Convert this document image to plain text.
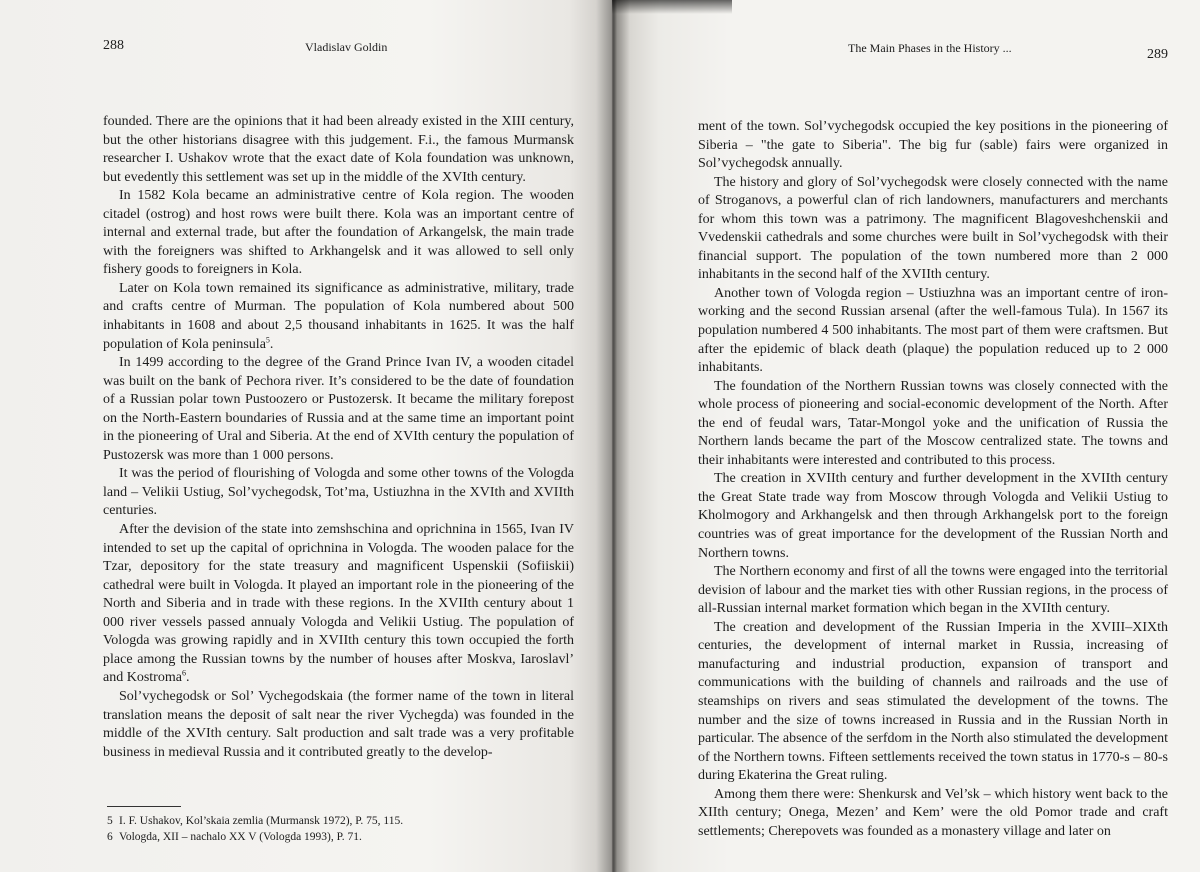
288	Vladislav Goldin

founded. There are the opinions that it had been already existed in the XIII century, but the other historians disagree with this judgement. F.i., the famous Murmansk researcher I. Ushakov wrote that the exact date of Kola foundation was unknown, but evedently this settlement was set up in the middle of the XVIth century.

In 1582 Kola became an administrative centre of Kola region. The wooden citadel (ostrog) and host rows were built there. Kola was an important centre of internal and external trade, but after the foundation of Arkangelsk, the main trade with the foreigners was shifted to Arkhangelsk and it was allowed to sell only fishery goods to foreigners in Kola.

Later on Kola town remained its significance as administrative, military, trade and crafts centre of Murman. The population of Kola numbered about 500 inhabitants in 1608 and about 2,5 thousand inhabitants in 1625. It was the half population of Kola peninsula$^5$.

In 1499 according to the degree of the Grand Prince Ivan IV, a wooden citadel was built on the bank of Pechora river. It’s considered to be the date of foundation of a Russian polar town Pustoozero or Pustozersk. It became the military forepost on the North-Eastern boundaries of Russia and at the same time an important point in the pioneering of Ural and Siberia. At the end of XVIth century the population of Pustozersk was more than 1 000 persons.

It was the period of flourishing of Vologda and some other towns of the Vologda land – Velikii Ustiug, Sol’vychegodsk, Tot’ma, Ustiuzhna in the XVIth and XVIIth centuries.

After the devision of the state into zemshschina and oprichnina in 1565, Ivan IV intended to set up the capital of oprichnina in Vologda. The wooden palace for the Tzar, depository for the state treasury and magnificent Uspenskii (Sofiiskii) cathedral were built in Vologda. It played an important role in the pioneering of the North and Siberia and in trade with these regions. In the XVIIth century about 1 000 river vessels passed annualy Vologda and Velikii Ustiug. The population of Vologda was growing rapidly and in XVIIth century this town occupied the forth place among the Russian towns by the number of houses after Moskva, Iaroslavl’ and Kostroma$^6$.

Sol’vychegodsk or Sol’ Vychegodskaia (the former name of the town in literal translation means the deposit of salt near the river Vychegda) was founded in the middle of the XVIth century. Salt production and salt trade was a very profitable business in medieval Russia and it contributed greatly to the develop-

5 I. F. Ushakov, Kol’skaia zemlia (Murmansk 1972), P. 75, 115.
6 Vologda, XII – nachalo XX V (Vologda 1993), P. 71.
The Main Phases in the History ...	289

ment of the town. Sol’vychegodsk occupied the key positions in the pioneering of Siberia – "the gate to Siberia". The big fur (sable) fairs were organized in Sol’vychegodsk annually.

The history and glory of Sol’vychegodsk were closely connected with the name of Stroganovs, a powerful clan of rich landowners, manufacturers and merchants for whom this town was a patrimony. The magnificent Blagoveshchenskii and Vvedenskii cathedrals and some churches were built in Sol’vychegodsk with their financial support. The population of the town numbered more than 2 000 inhabitants in the second half of the XVIIth century.

Another town of Vologda region – Ustiuzhna was an important centre of iron-working and the second Russian arsenal (after the well-famous Tula). In 1567 its population numbered 4 500 inhabitants. The most part of them were craftsmen. But after the epidemic of black death (plaque) the population reduced up to 2 000 inhabitants.

The foundation of the Northern Russian towns was closely connected with the whole process of pioneering and social-economic development of the North. After the end of feudal wars, Tatar-Mongol yoke and the unification of Russia the Northern lands became the part of the Moscow centralized state. The towns and their inhabitants were interested and contributed to this process.

The creation in XVIIth century and further development in the XVIIth century the Great State trade way from Moscow through Vologda and Velikii Ustiug to Kholmogory and Arkhangelsk and then through Arkhangelsk port to the foreign countries was of great importance for the development of the Russian North and Northern towns.

The Northern economy and first of all the towns were engaged into the territorial devision of labour and the market ties with other Russian regions, in the process of all-Russian internal market formation which began in the XVIIth century.

The creation and development of the Russian Imperia in the XVIII–XIXth centuries, the development of internal market in Russia, increasing of manufacturing and industrial production, expansion of transport and communications with the building of channels and railroads and the use of steamships on rivers and seas stimulated the development of the towns. The number and the size of towns increased in Russia and in the Russian North in particular. The absence of the serfdom in the North also stimulated the development of the Northern towns. Fifteen settlements received the town status in 1770-s – 80-s during Ekaterina the Great ruling.

Among them there were: Shenkursk and Vel’sk – which history went back to the XIIth century; Onega, Mezen’ and Kem’ were the old Pomor trade and craft settlements; Cherepovets was founded as a monastery village and later on
